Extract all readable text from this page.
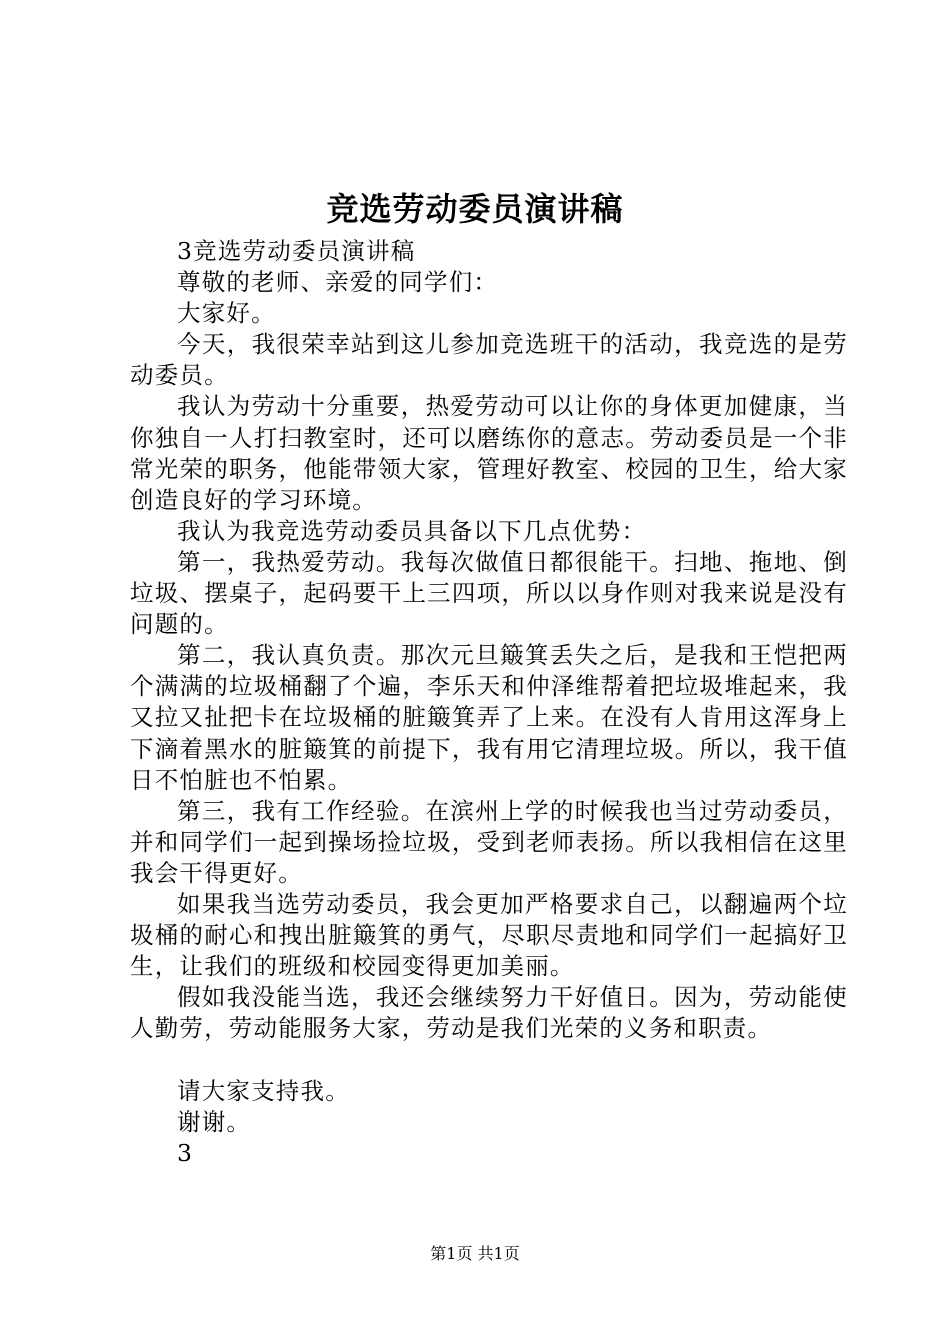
竞选劳动委员演讲稿

3竞选劳动委员演讲稿

尊敬的老师、亲爱的同学们：

大家好。

今天，我很荣幸站到这儿参加竞选班干的活动，我竞选的是劳动委员。

我认为劳动十分重要，热爱劳动可以让你的身体更加健康，当你独自一人打扫教室时，还可以磨练你的意志。劳动委员是一个非常光荣的职务，他能带领大家，管理好教室、校园的卫生，给大家创造良好的学习环境。

我认为我竞选劳动委员具备以下几点优势：

第一，我热爱劳动。我每次做值日都很能干。扫地、拖地、倒垃圾、摆桌子，起码要干上三四项，所以以身作则对我来说是没有问题的。

第二，我认真负责。那次元旦簸箕丢失之后，是我和王恺把两个满满的垃圾桶翻了个遍，李乐天和仲泽维帮着把垃圾堆起来，我又拉又扯把卡在垃圾桶的脏簸箕弄了上来。在没有人肯用这浑身上下滴着黑水的脏簸箕的前提下，我有用它清理垃圾。所以，我干值日不怕脏也不怕累。

第三，我有工作经验。在滨州上学的时候我也当过劳动委员，并和同学们一起到操场捡垃圾，受到老师表扬。所以我相信在这里我会干得更好。

如果我当选劳动委员，我会更加严格要求自己，以翻遍两个垃圾桶的耐心和拽出脏簸箕的勇气，尽职尽责地和同学们一起搞好卫生，让我们的班级和校园变得更加美丽。

假如我没能当选，我还会继续努力干好值日。因为，劳动能使人勤劳，劳动能服务大家，劳动是我们光荣的义务和职责。

请大家支持我。

谢谢。

3

第1页 共1页
